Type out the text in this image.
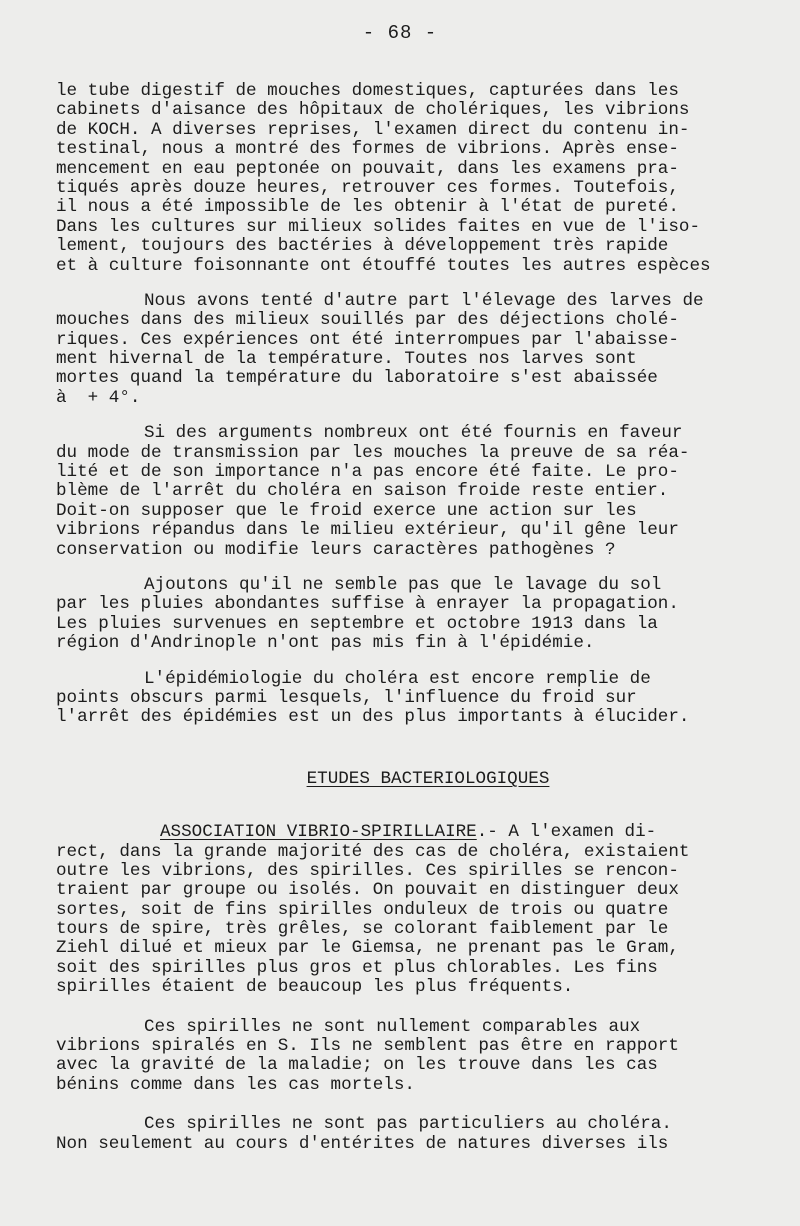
- 68 -
le tube digestif de mouches domestiques, capturées dans les
cabinets d'aisance des hôpitaux de cholériques, les vibrions
de KOCH. A diverses reprises, l'examen direct du contenu in-
testinal, nous a montré des formes de vibrions. Après ense-
mencement en eau peptonée on pouvait, dans les examens pra-
tiqués après douze heures, retrouver ces formes. Toutefois,
il nous a été impossible de les obtenir à l'état de pureté.
Dans les cultures sur milieux solides faites en vue de l'iso-
lement, toujours des bactéries à développement très rapide
et à culture foisonnante ont étouffé toutes les autres espèces
Nous avons tenté d'autre part l'élevage des larves de
mouches dans des milieux souillés par des déjections cholé-
riques. Ces expériences ont été interrompues par l'abaisse-
ment hivernal de la température. Toutes nos larves sont
mortes quand la température du laboratoire s'est abaissée
à  + 4°.
Si des arguments nombreux ont été fournis en faveur
du mode de transmission par les mouches la preuve de sa réa-
lité et de son importance n'a pas encore été faite. Le pro-
blème de l'arrêt du choléra en saison froide reste entier.
Doit-on supposer que le froid exerce une action sur les
vibrions répandus dans le milieu extérieur, qu'il gêne leur
conservation ou modifie leurs caractères pathogènes ?
Ajoutons qu'il ne semble pas que le lavage du sol
par les pluies abondantes suffise à enrayer la propagation.
Les pluies survenues en septembre et octobre 1913 dans la
région d'Andrinople n'ont pas mis fin à l'épidémie.
L'épidémiologie du choléra est encore remplie de
points obscurs parmi lesquels, l'influence du froid sur
l'arrêt des épidémies est un des plus importants à élucider.
ETUDES BACTERIOLOGIQUES
ASSOCIATION VIBRIO-SPIRILLAIRE.- A l'examen di-
rect, dans la grande majorité des cas de choléra, existaient
outre les vibrions, des spirilles. Ces spirilles se rencon-
traient par groupe ou isolés. On pouvait en distinguer deux
sortes, soit de fins spirilles onduleux de trois ou quatre
tours de spire, très grêles, se colorant faiblement par le
Ziehl dilué et mieux par le Giemsa, ne prenant pas le Gram,
soit des spirilles plus gros et plus chlorables. Les fins
spirilles étaient de beaucoup les plus fréquents.
Ces spirilles ne sont nullement comparables aux
vibrions spiralés en S. Ils ne semblent pas être en rapport
avec la gravité de la maladie; on les trouve dans les cas
bénins comme dans les cas mortels.
Ces spirilles ne sont pas particuliers au choléra.
Non seulement au cours d'entérites de natures diverses ils
